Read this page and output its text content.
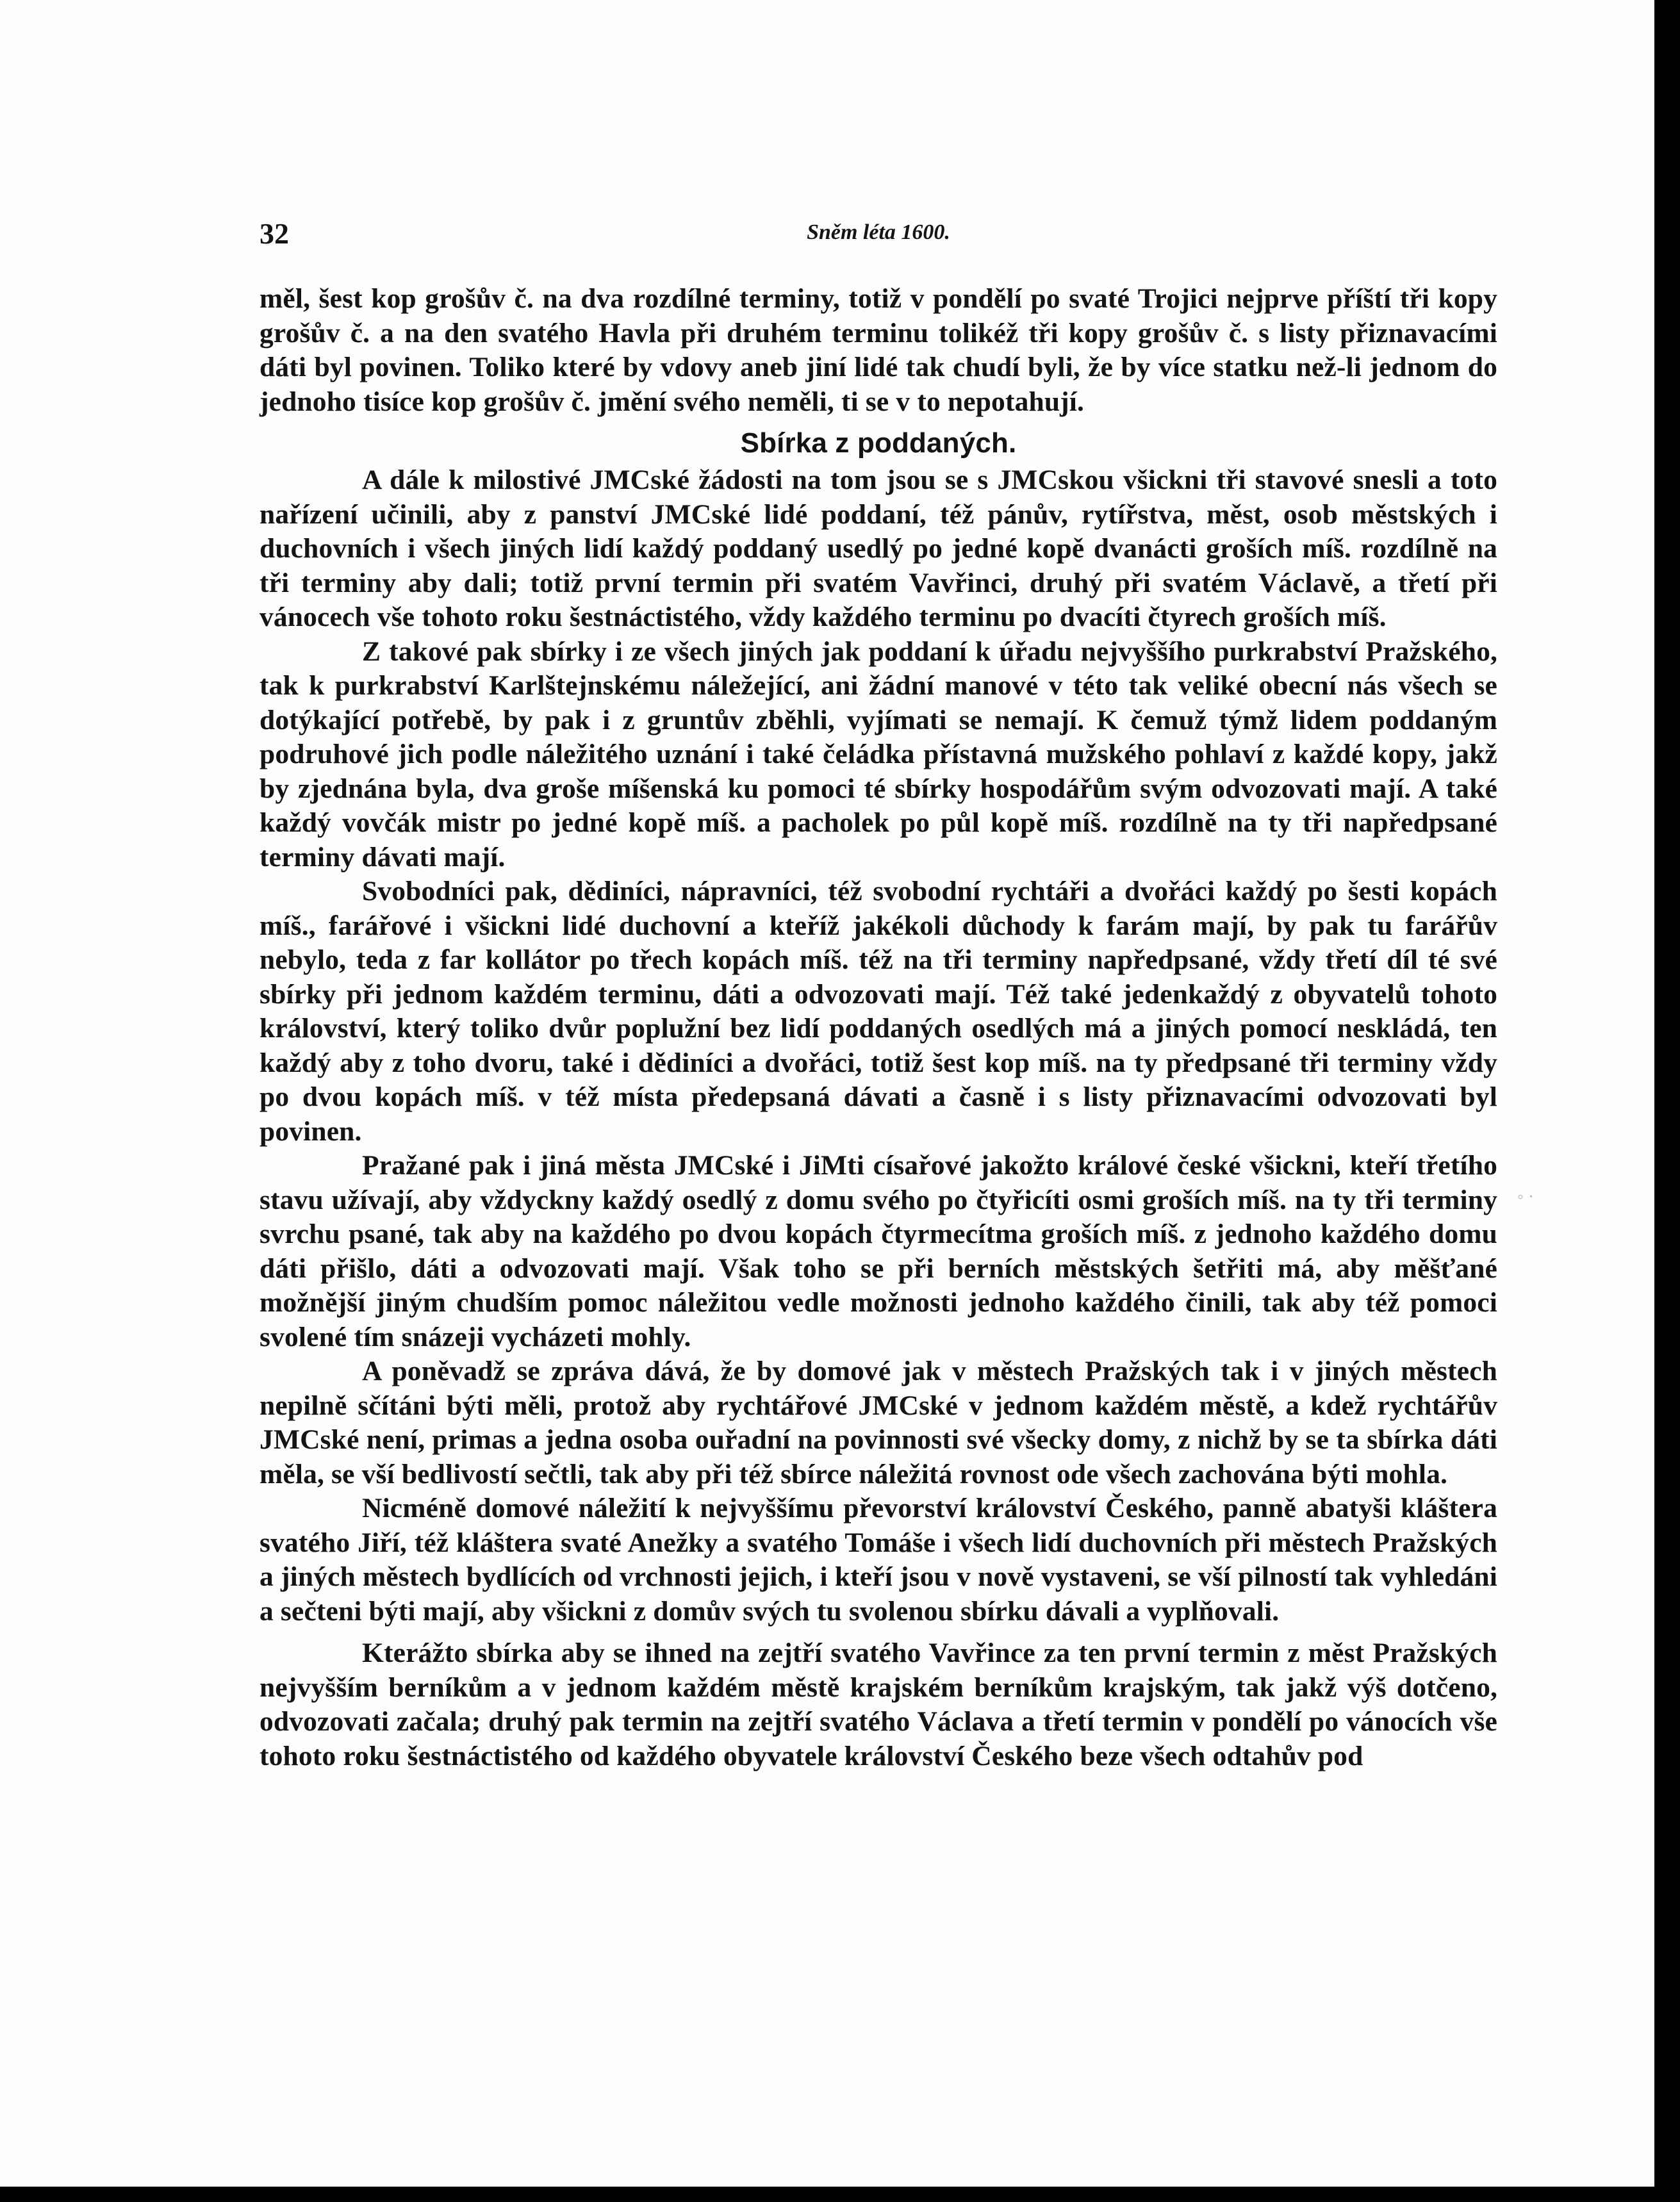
32	Sněm léta 1600.

měl, šest kop grošův č. na dva rozdílné terminy, totiž v pondělí po svaté Trojici nejprve příští tři kopy grošův č. a na den svatého Havla při druhém terminu tolikéž tři kopy grošův č. s listy přiznavacími dáti byl povinen. Toliko které by vdovy aneb jiní lidé tak chudí byli, že by více statku než-li jednom do jednoho tisíce kop grošův č. jmění svého neměli, ti se v to nepotahují.

Sbírka z poddaných.

A dále k milostivé JMCské žádosti na tom jsou se s JMCskou všickni tři stavové snesli a toto nařízení učinili, aby z panství JMCské lidé poddaní, též pánův, rytířstva, měst, osob městských i duchovních i všech jiných lidí každý poddaný usedlý po jedné kopě dvanácti groších míš. rozdílně na tři terminy aby dali; totiž první termin při svatém Vavřinci, druhý při svatém Václavě, a třetí při vánocech vše tohoto roku šestnáctistého, vždy každého terminu po dvacíti čtyrech groších míš.

Z takové pak sbírky i ze všech jiných jak poddaní k úřadu nejvyššího purkrabství Pražského, tak k purkrabství Karlštejnskému náležející, ani žádní manové v této tak veliké obecní nás všech se dotýkající potřebě, by pak i z gruntův zběhli, vyjímati se nemají. K čemuž týmž lidem poddaným podruhové jich podle náležitého uznání i také čeládka přístavná mužského pohlaví z každé kopy, jakž by zjednána byla, dva groše míšenská ku pomoci té sbírky hospodářům svým odvozovati mají. A také každý vovčák mistr po jedné kopě míš. a pacholek po půl kopě míš. rozdílně na ty tři napředpsané terminy dávati mají.

Svobodníci pak, dědiníci, nápravníci, též svobodní rychtáři a dvořáci každý po šesti kopách míš., farářové i všickni lidé duchovní a kteříž jakékoli důchody k farám mají, by pak tu farářův nebylo, teda z far kollátor po třech kopách míš. též na tři terminy napředpsané, vždy třetí díl té své sbírky při jednom každém terminu, dáti a odvozovati mají. Též také jedenkaždý z obyvatelů tohoto království, který toliko dvůr poplužní bez lidí poddaných osedlých má a jiných pomocí neskládá, ten každý aby z toho dvoru, také i dědiníci a dvořáci, totiž šest kop míš. na ty předpsané tři terminy vždy po dvou kopách míš. v též místa předepsaná dávati a časně i s listy přiznavacími odvozovati byl povinen.

Pražané pak i jiná města JMCské i JiMti císařové jakožto králové české všickni, kteří třetího stavu užívají, aby vždyckny každý osedlý z domu svého po čtyřicíti osmi groších míš. na ty tři terminy svrchu psané, tak aby na každého po dvou kopách čtyrmecítma groších míš. z jednoho každého domu dáti přišlo, dáti a odvozovati mají. Však toho se při berních městských šetřiti má, aby měšťané možnější jiným chudším pomoc náležitou vedle možnosti jednoho každého činili, tak aby též pomoci svolené tím snázeji vycházeti mohly.

A poněvadž se zpráva dává, že by domové jak v městech Pražských tak i v jiných městech nepilně sčítáni býti měli, protož aby rychtářové JMCské v jednom každém městě, a kdež rychtářův JMCské není, primas a jedna osoba ouřadní na povinnosti své všecky domy, z nichž by se ta sbírka dáti měla, se vší bedlivostí sečtli, tak aby při též sbírce náležitá rovnost ode všech zachována býti mohla.

Nicméně domové náležití k nejvyššímu převorství království Českého, panně abatyši kláštera svatého Jiří, též kláštera svaté Anežky a svatého Tomáše i všech lidí duchovních při městech Pražských a jiných městech bydlících od vrchnosti jejich, i kteří jsou v nově vystaveni, se vší pilností tak vyhledáni a sečteni býti mají, aby všickni z domův svých tu svolenou sbírku dávali a vyplňovali.

Kterážto sbírka aby se ihned na zejtří svatého Vavřince za ten první termin z měst Pražských nejvyšším berníkům a v jednom každém městě krajském berníkům krajským, tak jakž výš dotčeno, odvozovati začala; druhý pak termin na zejtří svatého Václava a třetí termin v pondělí po vánocích vše tohoto roku šestnáctistého od každého obyvatele království Českého beze všech odtahův pod

◦ ·
